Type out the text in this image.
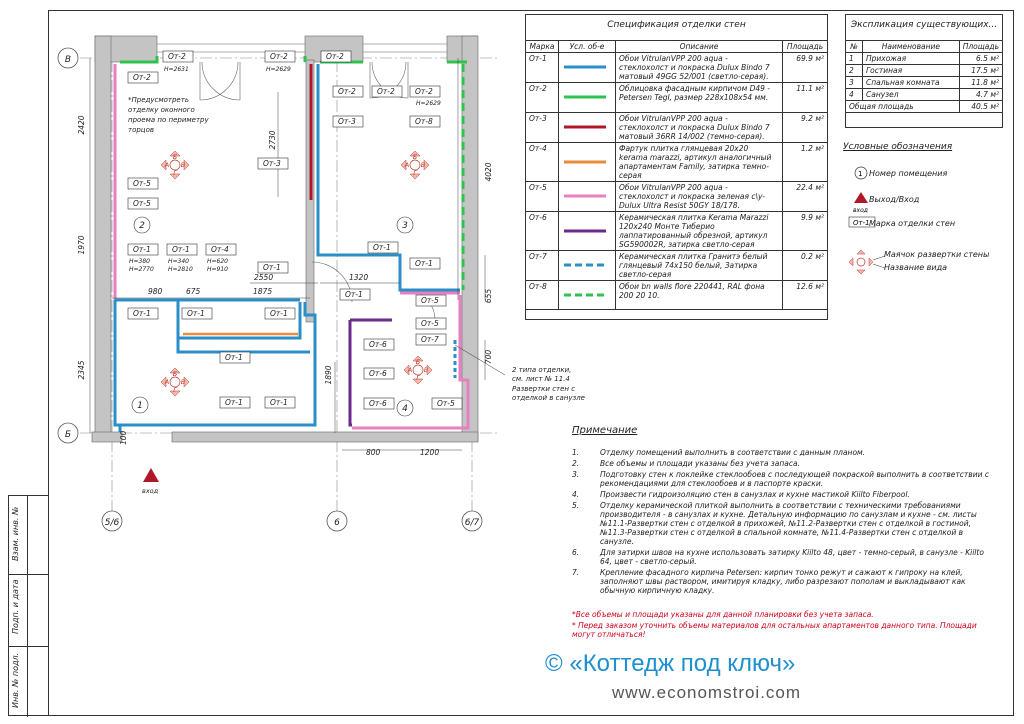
Взам. инв. №
Подп. и дата
Инв. № подл.
В
Б
5/6	6	6/7
2420
1970
2345
2730
4020
655
700
1890
980	675	1875
2550	1320
800	1200
100
От-2
От-2
От-2	От-2
От-2	От-2	От-2
От-3
От-3
От-8
От-5
От-5
От-1	От-1	От-4	От-1
От-1	От-1
От-1
От-1	От-1	От-1
От-1
От-1	От-1
От-5
От-5
От-7
От-5
От-6
От-6
От-6
Н=2631	Н=2629
Н=2629
Н=380
Н=2770
Н=340
Н=2810
Н=620
Н=910
2	3
1	4
Б
А В
Г
Б
А В
Г
Б
А В
Г
Б
А В
Г
*Предусмотреть
отделку оконного
проема по периметру
торцов
2 типа отделки,
см. лист № 11.4
Развертки стен с
отделкой в санузле
вход
Спецификация отделки стен
Марка	Усл. об-е	Описание	Площадь
От-1		Обои VitrulanVPP 200 aqua - стеклохолст и покраска Dulux Bindo 7 матовый 49GG 52/001 (светло-серая).	69.9 м²
От-2		Облицовка фасадным кирпичом D49 - Petersen Tegl, размер 228х108х54 мм.	11.1 м²
От-3		Обои VitrulanVPP 200 aqua - стеклохолст и покраска Dulux Bindo 7 матовый 36RR 14/002 (темно-серая).	9.2 м²
От-4		Фартук плитка глянцевая 20х20 kerama marazzi, артикул аналогичный апартаментам Family, затирка темно-серая	1.2 м²
От-5		Обои VitrulanVPP 200 aqua - стеклохолст и покраска зеленая c\y-Dulux Ultra Resist 50GY 18/178.	22.4 м²
От-6		Керамическая плитка Kerama Marazzi 120x240 Монте Тиберио лаппатированный обрезной, артикул SG590002R, затирка светло-серая	9.9 м²
От-7		Керамическая плитка Гранитэ белый глянцевый 74х150 белый, Затирка светло-серая	0.2 м²
От-8		Обои bn walls flore 220441, RAL фона 200 20 10.	12.6 м²
Экспликация существующих...
№	Наименование	Площадь
1	Прихожая	6.5 м²
2	Гостиная	17.5 м²
3	Спальная комната	11.8 м²
4	Санузел	4.7 м²
Общая площадь		40.5 м²
Условные обозначения
1
вход
От-1
Номер помещения
Выход/Вход
Марка отделки стен
Маячок развертки стены
Название вида
Примечание
1.	Отделку помещений выполнить в соответствии с данным планом.
2.	Все объемы и площади указаны без учета запаса.
3.	Подготовку стен к поклейке стеклообоев с последующей покраской выполнить в соответствии с рекомендациями для стеклообоев и в паспорте краски.
4.	Произвести гидроизоляцию стен в санузлах и кухне мастикой Kiilto Fiberpool.
5.	Отделку керамической плиткой выполнить в соответствии с техническими требованиями производителя - в санузлах и кухне. Детальную информацию по санузлам и кухне - см. листы №11.1-Развертки стен с отделкой в прихожей, №11.2-Развертки стен с отделкой в гостиной, №11.3-Развертки стен с отделкой в спальной комнате, №11.4-Развертки стен с отделкой в санузле.
6.	Для затирки швов на кухне использовать затирку Kiilto 48, цвет - темно-серый, в санузле - Kiilto 64, цвет - светло-серый.
7.	Крепление фасадного кирпича Petersen: кирпич тонко режут и сажают к гипроку на клей, заполняют швы раствором, имитируя кладку, либо разрезают пополам и выкладывают как обычную кирпичную кладку.
*Все объемы и площади указаны для данной планировки без учета запаса.
* Перед заказом уточнить объемы материалов для остальных апартаментов данного типа. Площади могут отличаться!
© «Коттедж под ключ»
www.economstroi.com
